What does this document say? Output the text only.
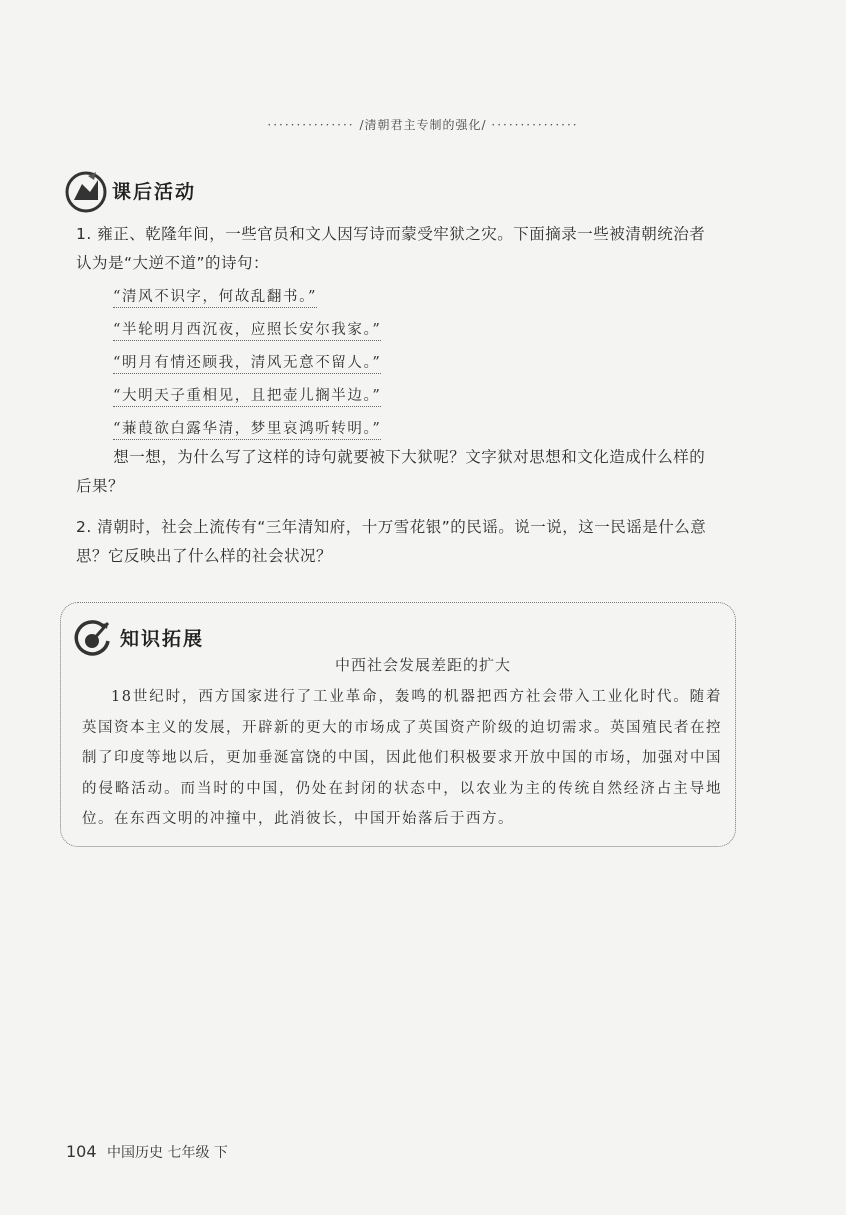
··············· /清朝君主专制的强化/ ···············
课后活动
1. 雍正、乾隆年间，一些官员和文人因写诗而蒙受牢狱之灾。下面摘录一些被清朝统治者认为是“大逆不道”的诗句：
“清风不识字，何故乱翻书。”
“半轮明月西沉夜，应照长安尔我家。”
“明月有情还顾我，清风无意不留人。”
“大明天子重相见，且把壶儿搁半边。”
“蒹葭欲白露华清，梦里哀鸿听转明。”
想一想，为什么写了这样的诗句就要被下大狱呢？文字狱对思想和文化造成什么样的后果？
2. 清朝时，社会上流传有“三年清知府，十万雪花银”的民谣。说一说，这一民谣是什么意思？它反映出了什么样的社会状况？
知识拓展
中西社会发展差距的扩大
18世纪时，西方国家进行了工业革命，轰鸣的机器把西方社会带入工业化时代。随着英国资本主义的发展，开辟新的更大的市场成了英国资产阶级的迫切需求。英国殖民者在控制了印度等地以后，更加垂涎富饶的中国，因此他们积极要求开放中国的市场，加强对中国的侵略活动。而当时的中国，仍处在封闭的状态中，以农业为主的传统自然经济占主导地位。在东西文明的冲撞中，此消彼长，中国开始落后于西方。
104 中国历史 七年级 下
